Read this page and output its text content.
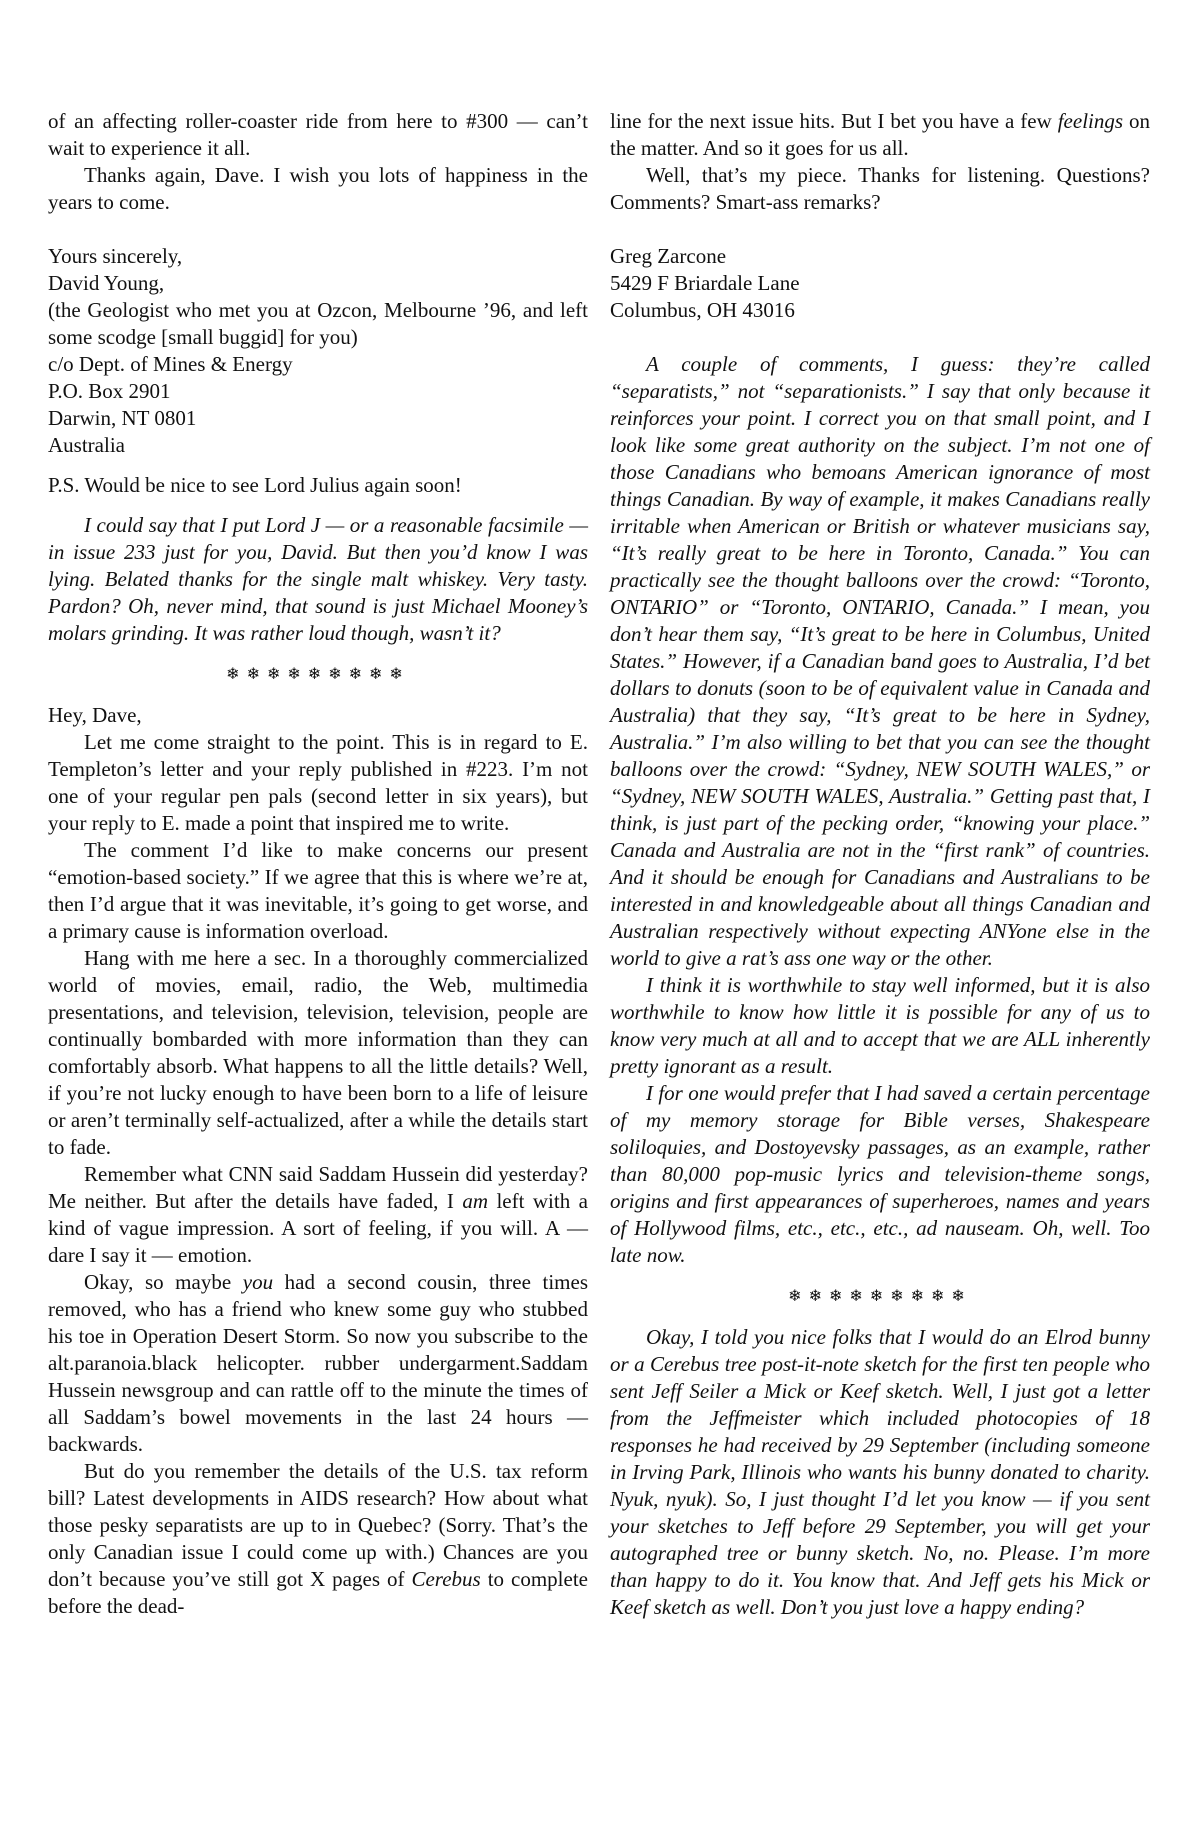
of an affecting roller-coaster ride from here to #300 — can’t wait to experience it all.

Thanks again, Dave. I wish you lots of happiness in the years to come.

Yours sincerely,

David Young,

(the Geologist who met you at Ozcon, Melbourne ’96, and left some scodge [small buggid] for you)

c/o Dept. of Mines & Energy

P.O. Box 2901

Darwin, NT 0801

Australia

P.S. Would be nice to see Lord Julius again soon!

I could say that I put Lord J — or a reasonable facsimile — in issue 233 just for you, David. But then you’d know I was lying. Belated thanks for the single malt whiskey. Very tasty. Pardon? Oh, never mind, that sound is just Michael Mooney’s molars grinding. It was rather loud though, wasn’t it?

❄❄❄❄❄❄❄❄❄

Hey, Dave,

Let me come straight to the point. This is in regard to E. Templeton’s letter and your reply published in #223. I’m not one of your regular pen pals (second letter in six years), but your reply to E. made a point that inspired me to write.

The comment I’d like to make concerns our present “emotion-based society.” If we agree that this is where we’re at, then I’d argue that it was inevitable, it’s going to get worse, and a primary cause is information overload.

Hang with me here a sec. In a thoroughly commercialized world of movies, email, radio, the Web, multimedia presentations, and television, television, television, people are continually bombarded with more information than they can comfortably absorb. What happens to all the little details? Well, if you’re not lucky enough to have been born to a life of leisure or aren’t terminally self-actualized, after a while the details start to fade.

Remember what CNN said Saddam Hussein did yesterday? Me neither. But after the details have faded, I am left with a kind of vague impression. A sort of feeling, if you will. A — dare I say it — emotion.

Okay, so maybe you had a second cousin, three times removed, who has a friend who knew some guy who stubbed his toe in Operation Desert Storm. So now you subscribe to the alt.paranoia.black helicopter. rubber undergarment.Saddam Hussein newsgroup and can rattle off to the minute the times of all Saddam’s bowel movements in the last 24 hours — backwards.

But do you remember the details of the U.S. tax reform bill? Latest developments in AIDS research? How about what those pesky separatists are up to in Quebec? (Sorry. That’s the only Canadian issue I could come up with.) Chances are you don’t because you’ve still got X pages of Cerebus to complete before the dead-

line for the next issue hits. But I bet you have a few feelings on the matter. And so it goes for us all.

Well, that’s my piece. Thanks for listening. Questions? Comments? Smart-ass remarks?

Greg Zarcone

5429 F Briardale Lane

Columbus, OH 43016

A couple of comments, I guess: they’re called “separatists,” not “separationists.” I say that only because it reinforces your point. I correct you on that small point, and I look like some great authority on the subject. I’m not one of those Canadians who bemoans American ignorance of most things Canadian. By way of example, it makes Canadians really irritable when American or British or whatever musicians say, “It’s really great to be here in Toronto, Canada.” You can practically see the thought balloons over the crowd: “Toronto, ONTARIO” or “Toronto, ONTARIO, Canada.” I mean, you don’t hear them say, “It’s great to be here in Columbus, United States.” However, if a Canadian band goes to Australia, I’d bet dollars to donuts (soon to be of equivalent value in Canada and Australia) that they say, “It’s great to be here in Sydney, Australia.” I’m also willing to bet that you can see the thought balloons over the crowd: “Sydney, NEW SOUTH WALES,” or “Sydney, NEW SOUTH WALES, Australia.” Getting past that, I think, is just part of the pecking order, “knowing your place.” Canada and Australia are not in the “first rank” of countries. And it should be enough for Canadians and Australians to be interested in and knowledgeable about all things Canadian and Australian respectively without expecting ANYone else in the world to give a rat’s ass one way or the other.

I think it is worthwhile to stay well informed, but it is also worthwhile to know how little it is possible for any of us to know very much at all and to accept that we are ALL inherently pretty ignorant as a result.

I for one would prefer that I had saved a certain percentage of my memory storage for Bible verses, Shakespeare soliloquies, and Dostoyevsky passages, as an example, rather than 80,000 pop-music lyrics and television-theme songs, origins and first appearances of superheroes, names and years of Hollywood films, etc., etc., etc., ad nauseam. Oh, well. Too late now.

❄❄❄❄❄❄❄❄❄

Okay, I told you nice folks that I would do an Elrod bunny or a Cerebus tree post-it-note sketch for the first ten people who sent Jeff Seiler a Mick or Keef sketch. Well, I just got a letter from the Jeffmeister which included photocopies of 18 responses he had received by 29 September (including someone in Irving Park, Illinois who wants his bunny donated to charity. Nyuk, nyuk). So, I just thought I’d let you know — if you sent your sketches to Jeff before 29 September, you will get your autographed tree or bunny sketch. No, no. Please. I’m more than happy to do it. You know that. And Jeff gets his Mick or Keef sketch as well. Don’t you just love a happy ending?
